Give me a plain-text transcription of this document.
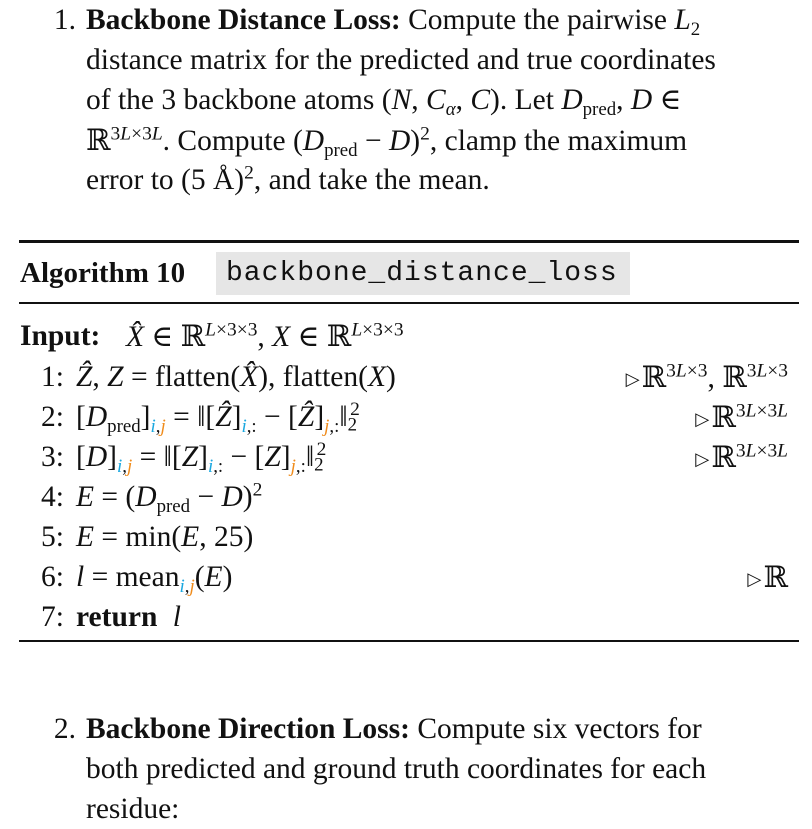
1. Backbone Distance Loss: Compute the pairwise $L_2$
distance matrix for the predicted and true coordinates
of the 3 backbone atoms (N, $C_\alpha$, C). Let $D_{pred}$, D ∈
ℝ$^{3L\times 3L}$. Compute $(D_{pred} - D)^2$, clamp the maximum
error to (5 Å)$^2$, and take the mean.
Algorithm 10	backbone_distance_loss
Input: X̂ ∈ ℝ$^{L\times 3\times 3}$, X ∈ ℝ$^{L\times 3\times 3}$
1: Ẑ, Z = flatten(X̂), flatten(X)	▷ℝ$^{3L\times 3}$, ℝ$^{3L\times 3}$
2: $[D_{pred}]_{i,j}$ = $‖[Ẑ]_{i,:}$ − $[Ẑ]_{j,:}‖_2^2$	▷ℝ$^{3L\times 3L}$
3: $[D]_{i,j}$ = $‖[Z]_{i,:}$ − $[Z]_{j,:}‖_2^2$	▷ℝ$^{3L\times 3L}$
4: $E = (D_{pred} - D)^2$
5: E = min(E, 25)
6: l = mean$_{i,j}$(E)	▷ℝ
7: return l
2. Backbone Direction Loss: Compute six vectors for
both predicted and ground truth coordinates for each
residue:
